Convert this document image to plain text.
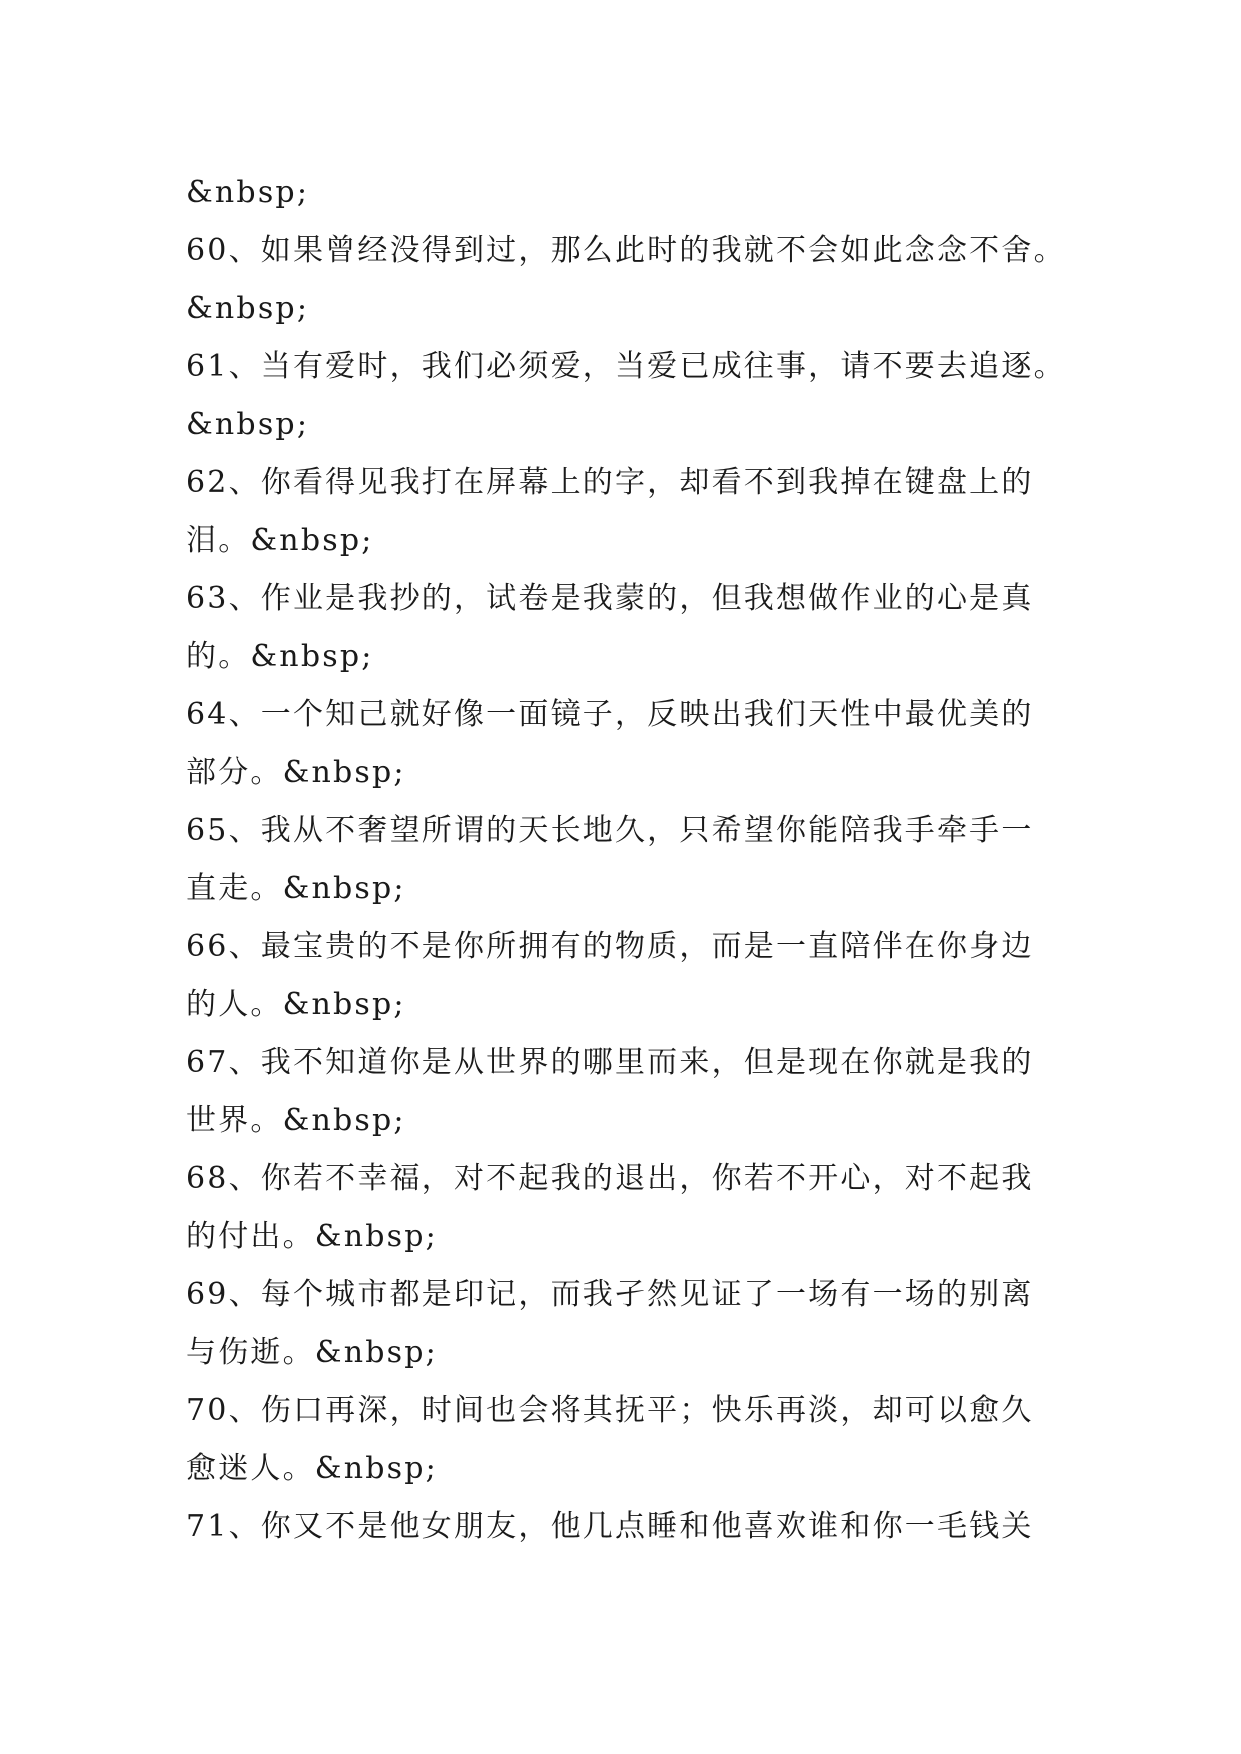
&nbsp;
60、如果曾经没得到过，那么此时的我就不会如此念念不舍。
&nbsp;
61、当有爱时，我们必须爱，当爱已成往事，请不要去追逐。
&nbsp;
62、你看得见我打在屏幕上的字，却看不到我掉在键盘上的
泪。&nbsp;
63、作业是我抄的，试卷是我蒙的，但我想做作业的心是真
的。&nbsp;
64、一个知己就好像一面镜子，反映出我们天性中最优美的
部分。&nbsp;
65、我从不奢望所谓的天长地久，只希望你能陪我手牵手一
直走。&nbsp;
66、最宝贵的不是你所拥有的物质，而是一直陪伴在你身边
的人。&nbsp;
67、我不知道你是从世界的哪里而来，但是现在你就是我的
世界。&nbsp;
68、你若不幸福，对不起我的退出，你若不开心，对不起我
的付出。&nbsp;
69、每个城市都是印记，而我孑然见证了一场有一场的别离
与伤逝。&nbsp;
70、伤口再深，时间也会将其抚平；快乐再淡，却可以愈久
愈迷人。&nbsp;
71、你又不是他女朋友，他几点睡和他喜欢谁和你一毛钱关
